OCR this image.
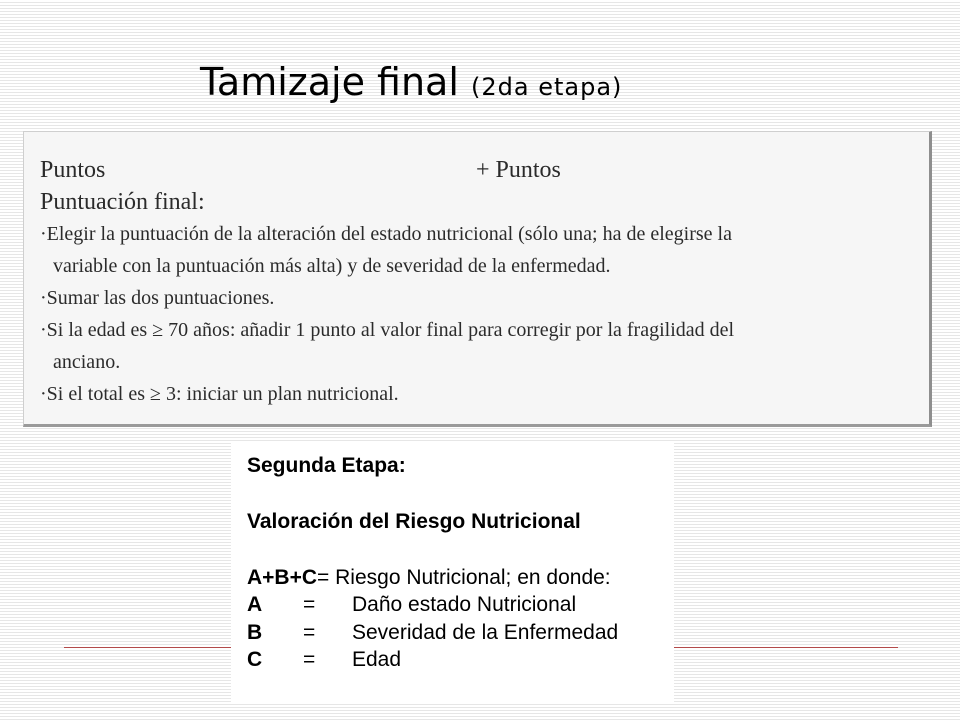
Tamizaje final (2da etapa)
Puntos	+ Puntos
Puntuación final:
·Elegir la puntuación de la alteración del estado nutricional (sólo una; ha de elegirse la
variable con la puntuación más alta) y de severidad de la enfermedad.
·Sumar las dos puntuaciones.
·Si la edad es ≥ 70 años: añadir 1 punto al valor final para corregir por la fragilidad del
anciano.
·Si el total es ≥ 3: iniciar un plan nutricional.
Segunda Etapa:
Valoración del Riesgo Nutricional
A+B+C= Riesgo Nutricional; en donde:
A = Daño estado Nutricional
B = Severidad de la Enfermedad
C = Edad
